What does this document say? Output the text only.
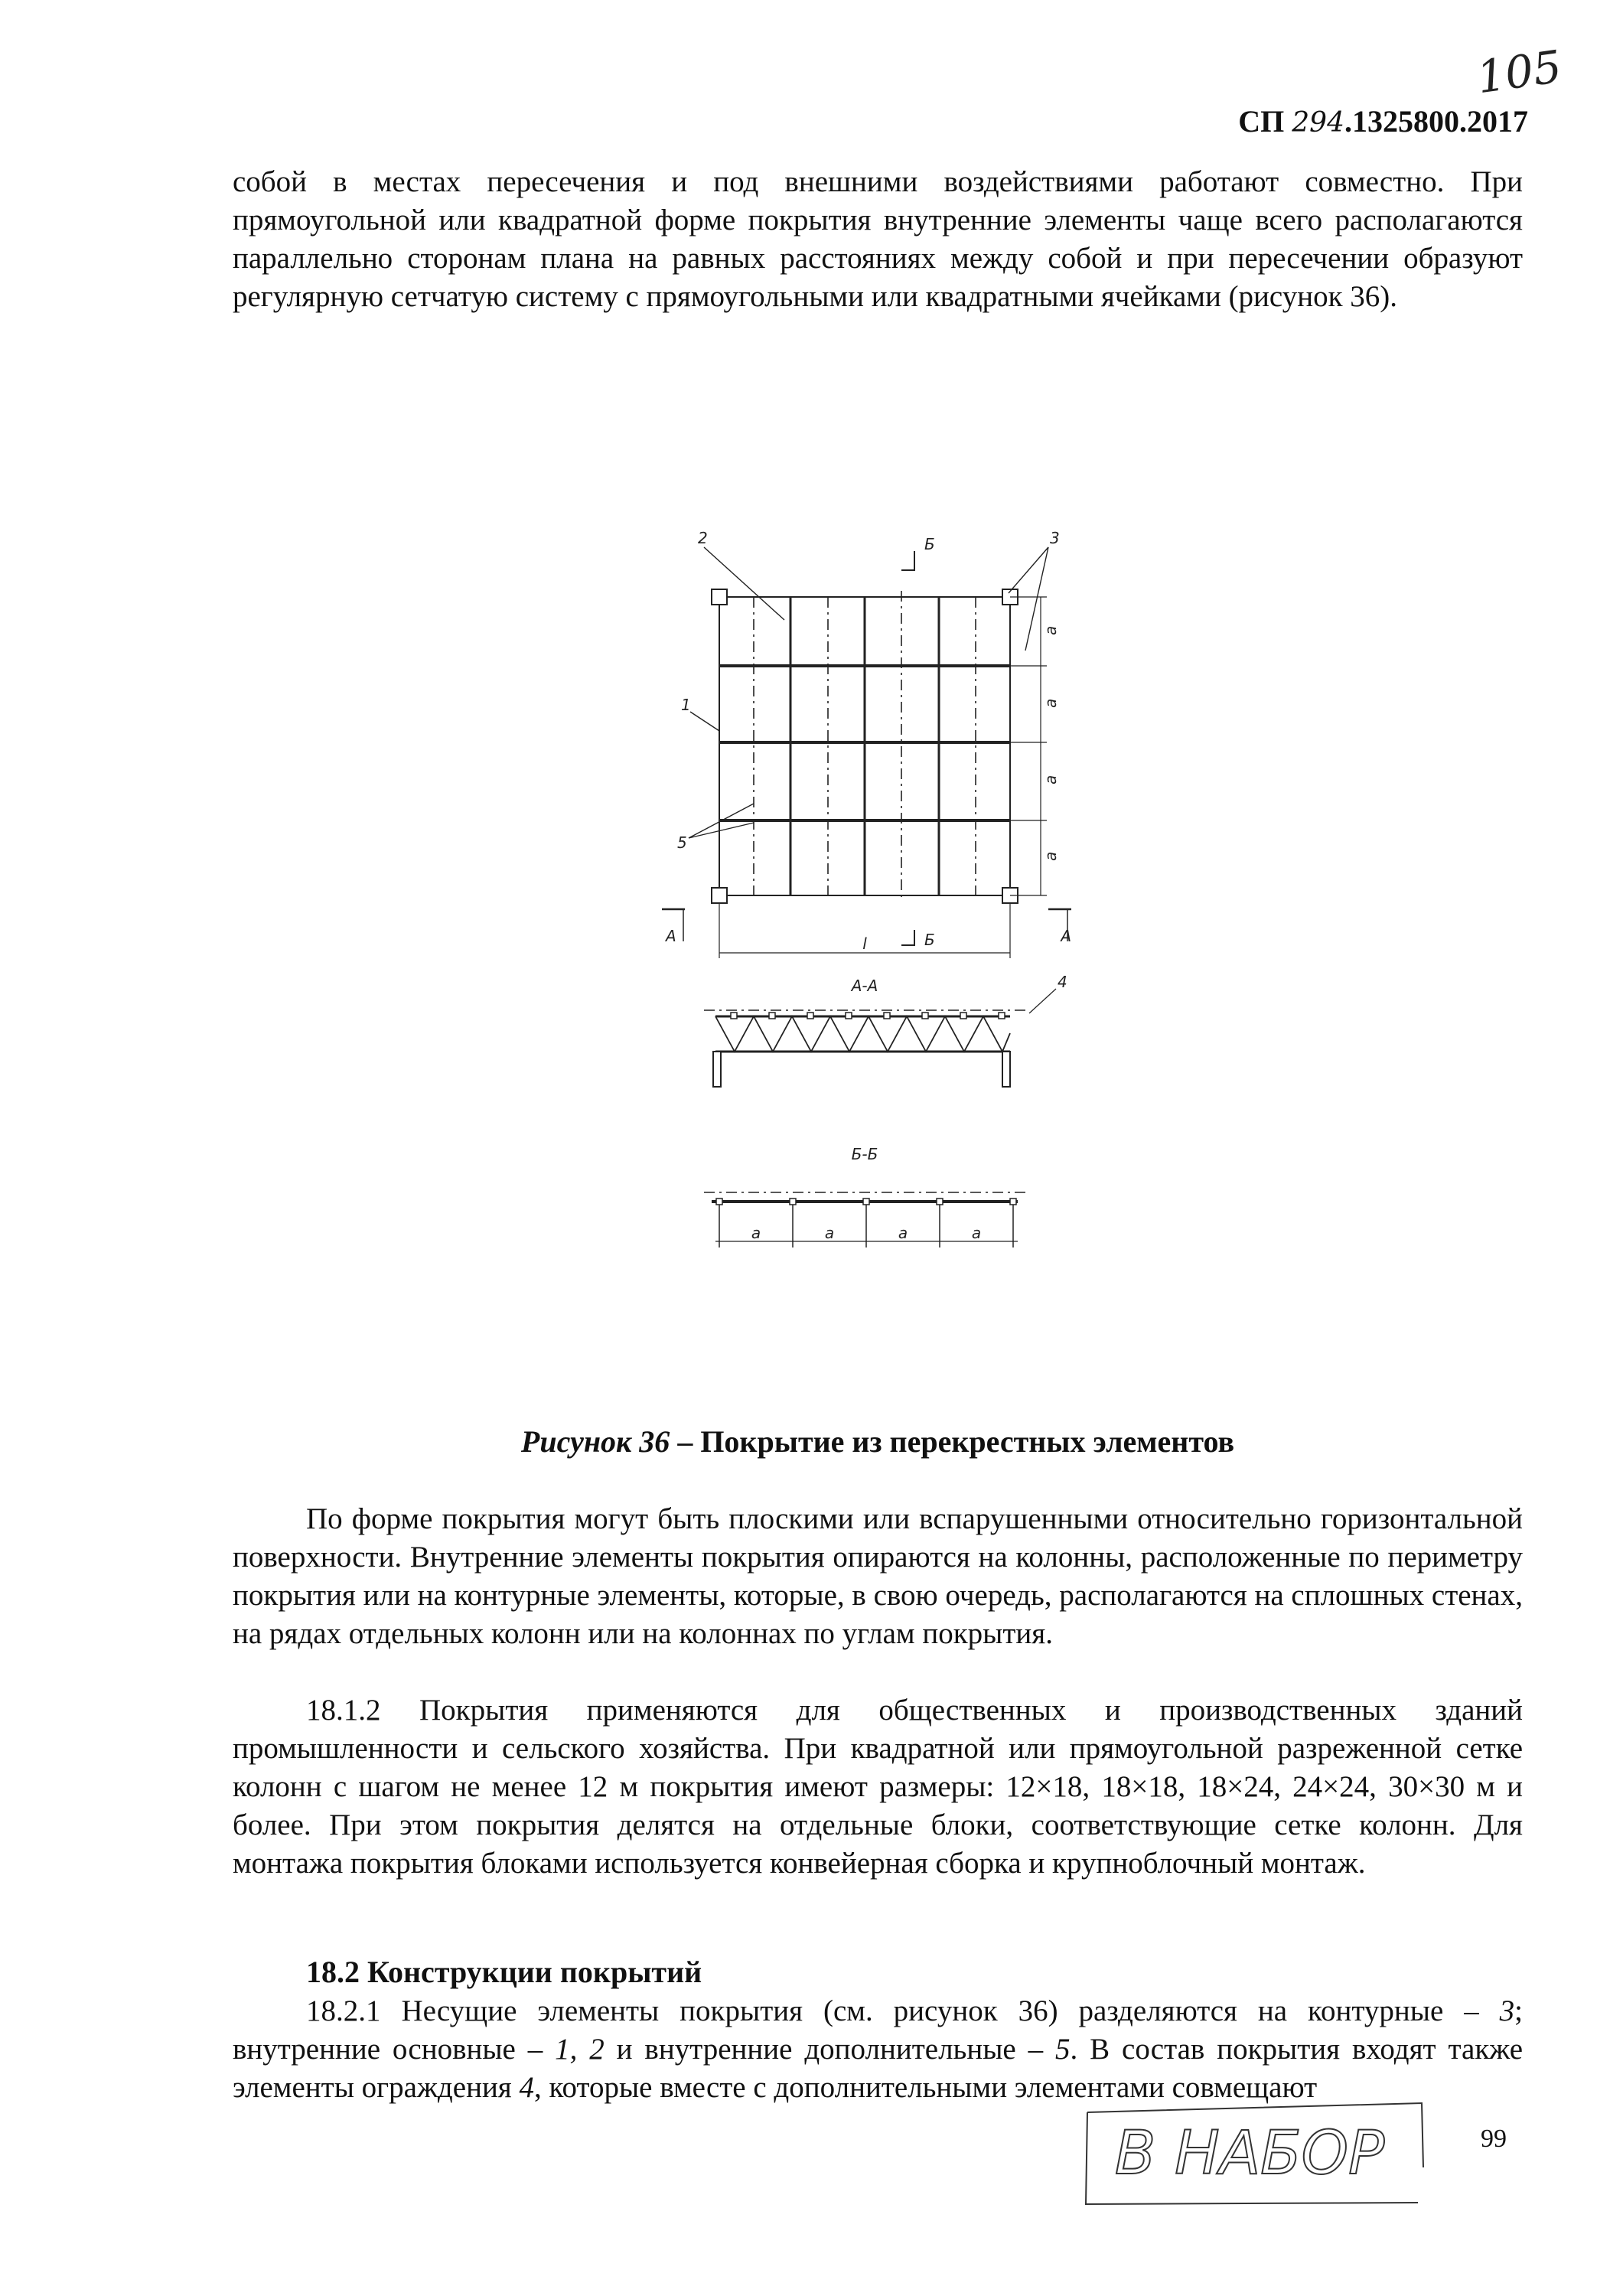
105
СП 294.1325800.2017

собой в местах пересечения и под внешними воздействиями работают совместно. При прямоугольной или квадратной форме покрытия внутренние элементы чаще всего располагаются параллельно сторонам плана на равных расстояниях между собой и при пересечении образуют регулярную сетчатую систему с прямоугольными или квадратными ячейками (рисунок 36).

2	3
1
5
Б
Б
А	А
l
a
a
a
a
А-А	4
Б-Б
a	a	a	a
Рисунок 36 – Покрытие из перекрестных элементов

По форме покрытия могут быть плоскими или вспарушенными относительно горизонтальной поверхности. Внутренние элементы покрытия опираются на колонны, расположенные по периметру покрытия или на контурные элементы, которые, в свою очередь, располагаются на сплошных стенах, на рядах отдельных колонн или на колоннах по углам покрытия.

18.1.2 Покрытия применяются для общественных и производственных зданий промышленности и сельского хозяйства. При квадратной или прямоугольной разреженной сетке колонн с шагом не менее 12 м покрытия имеют размеры: 12×18, 18×18, 18×24, 24×24, 30×30 м и более. При этом покрытия делятся на отдельные блоки, соответствующие сетке колонн. Для монтажа покрытия блоками используется конвейерная сборка и крупноблочный монтаж.

18.2 Конструкции покрытий

18.2.1 Несущие элементы покрытия (см. рисунок 36) разделяются на контурные – 3; внутренние основные – 1, 2 и внутренние дополнительные – 5. В состав покрытия входят также элементы ограждения 4, которые вместе с дополнительными элементами совмещают

В НАБОР	99
